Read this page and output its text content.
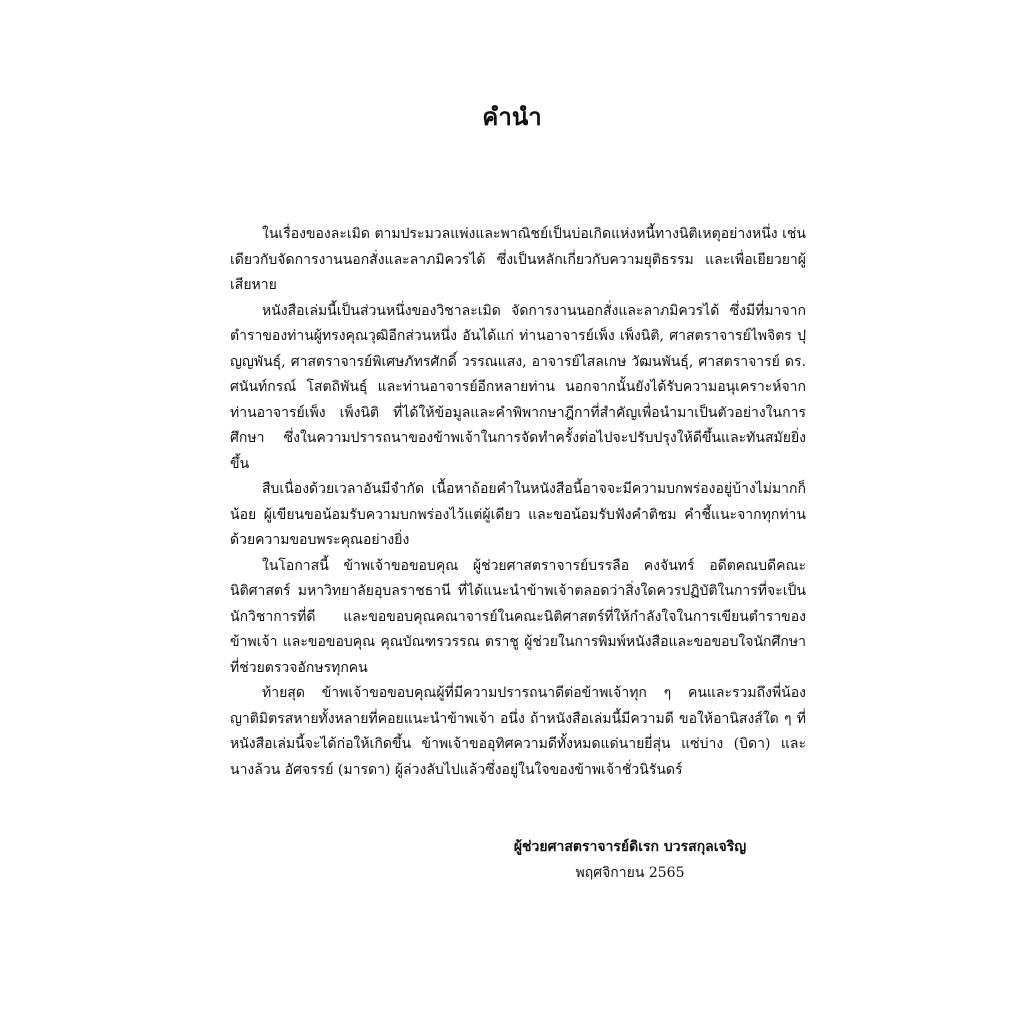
คำนำ

ในเรื่องของละเมิด ตามประมวลแพ่งและพาณิชย์เป็นบ่อเกิดแห่งหนี้ทางนิติเหตุอย่างหนึ่ง เช่นเดียวกับจัดการงานนอกสั่งและลาภมิควรได้ ซึ่งเป็นหลักเกี่ยวกับความยุติธรรม และเพื่อเยียวยาผู้เสียหาย

หนังสือเล่มนี้เป็นส่วนหนึ่งของวิชาละเมิด จัดการงานนอกสั่งและลาภมิควรได้ ซึ่งมีที่มาจากตำราของท่านผู้ทรงคุณวุฒิอีกส่วนหนึ่ง อันได้แก่ ท่านอาจารย์เพ็ง เพ็งนิติ, ศาสตราจารย์ไพจิตร ปุญญพันธุ์, ศาสตราจารย์พิเศษภัทรศักดิ์ วรรณแสง, อาจารย์ไสลเกษ วัฒนพันธุ์, ศาสตราจารย์ ดร. ศนันท์กรณ์ โสตถิพันธุ์ และท่านอาจารย์อีกหลายท่าน นอกจากนั้นยังได้รับความอนุเคราะห์จากท่านอาจารย์เพ็ง เพ็งนิติ ที่ได้ให้ข้อมูลและคำพิพากษาฎีกาที่สำคัญเพื่อนำมาเป็นตัวอย่างในการศึกษา ซึ่งในความปรารถนาของข้าพเจ้าในการจัดทำครั้งต่อไปจะปรับปรุงให้ดีขึ้นและทันสมัยยิ่งขึ้น

สืบเนื่องด้วยเวลาอันมีจำกัด เนื้อหาถ้อยคำในหนังสือนี้อาจจะมีความบกพร่องอยู่บ้างไม่มากก็น้อย ผู้เขียนขอน้อมรับความบกพร่องไว้แต่ผู้เดียว และขอน้อมรับฟังคำติชม คำชี้แนะจากทุกท่าน ด้วยความขอบพระคุณอย่างยิ่ง

ในโอกาสนี้ ข้าพเจ้าขอขอบคุณ ผู้ช่วยศาสตราจารย์บรรลือ คงจันทร์ อดีตคณบดีคณะนิติศาสตร์ มหาวิทยาลัยอุบลราชธานี ที่ได้แนะนำข้าพเจ้าตลอดว่าสิ่งใดควรปฏิบัติในการที่จะเป็นนักวิชาการที่ดี และขอขอบคุณคณาจารย์ในคณะนิติศาสตร์ที่ให้กำลังใจในการเขียนตำราของข้าพเจ้า และขอขอบคุณ คุณบัณฑรวรรณ ตราชู ผู้ช่วยในการพิมพ์หนังสือและขอขอบใจนักศึกษาที่ช่วยตรวจอักษรทุกคน

ท้ายสุด ข้าพเจ้าขอขอบคุณผู้ที่มีความปรารถนาดีต่อข้าพเจ้าทุก ๆ คนและรวมถึงพี่น้องญาติมิตรสหายทั้งหลายที่คอยแนะนำข้าพเจ้า อนึ่ง ถ้าหนังสือเล่มนี้มีความดี ขอให้อานิสงส์ใด ๆ ที่หนังสือเล่มนี้จะได้ก่อให้เกิดขึ้น ข้าพเจ้าขออุทิศความดีทั้งหมดแด่นายยี่สุ่น แซ่บ่าง (บิดา) และนางล้วน อัศจรรย์ (มารดา) ผู้ล่วงลับไปแล้วซึ่งอยู่ในใจของข้าพเจ้าชั่วนิรันดร์

ผู้ช่วยศาสตราจารย์ดิเรก บวรสกุลเจริญ
พฤศจิกายน 2565
